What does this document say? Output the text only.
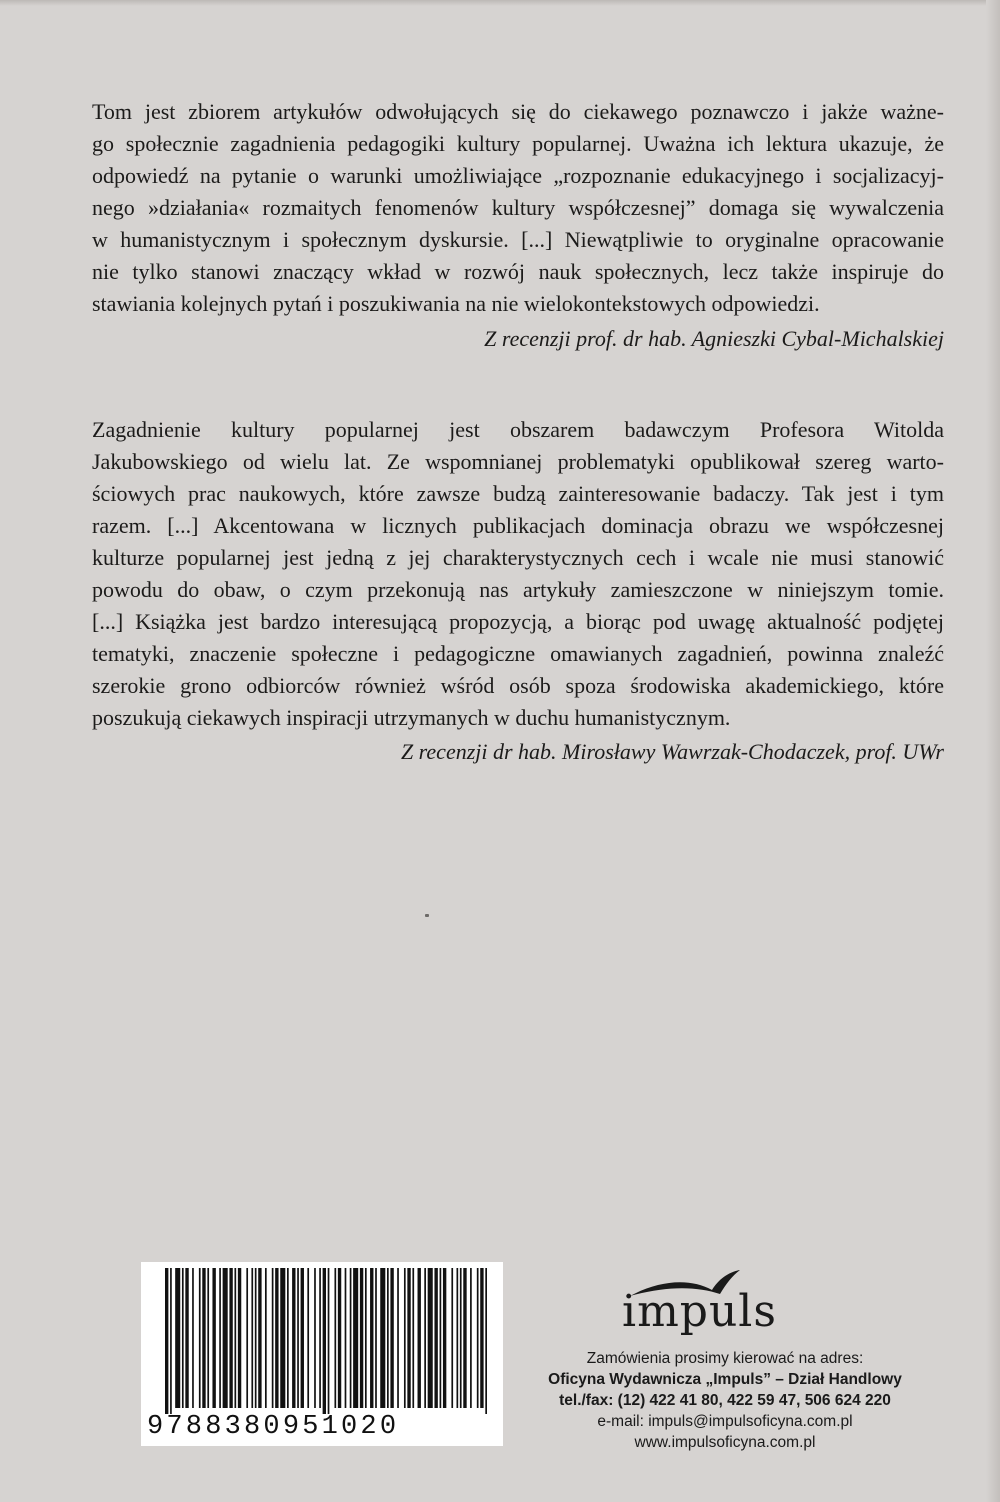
Tom jest zbiorem artykułów odwołujących się do ciekawego poznawczo i jakże ważne-
go społecznie zagadnienia pedagogiki kultury popularnej. Uważna ich lektura ukazuje, że
odpowiedź na pytanie o warunki umożliwiające „rozpoznanie edukacyjnego i socjalizacyj-
nego »działania« rozmaitych fenomenów kultury współczesnej” domaga się wywalczenia
w humanistycznym i społecznym dyskursie. [...] Niewątpliwie to oryginalne opracowanie
nie tylko stanowi znaczący wkład w rozwój nauk społecznych, lecz także inspiruje do
stawiania kolejnych pytań i poszukiwania na nie wielokontekstowych odpowiedzi.
Z recenzji prof. dr hab. Agnieszki Cybal-Michalskiej
Zagadnienie kultury popularnej jest obszarem badawczym Profesora Witolda
Jakubowskiego od wielu lat. Ze wspomnianej problematyki opublikował szereg warto-
ściowych prac naukowych, które zawsze budzą zainteresowanie badaczy. Tak jest i tym
razem. [...] Akcentowana w licznych publikacjach dominacja obrazu we współczesnej
kulturze popularnej jest jedną z jej charakterystycznych cech i wcale nie musi stanowić
powodu do obaw, o czym przekonują nas artykuły zamieszczone w niniejszym tomie.
[...] Książka jest bardzo interesującą propozycją, a biorąc pod uwagę aktualność podjętej
tematyki, znaczenie społeczne i pedagogiczne omawianych zagadnień, powinna znaleźć
szerokie grono odbiorców również wśród osób spoza środowiska akademickiego, które
poszukują ciekawych inspiracji utrzymanych w duchu humanistycznym.
Z recenzji dr hab. Mirosławy Wawrzak-Chodaczek, prof. UWr
9788380951020
impuls
Zamówienia prosimy kierować na adres:
Oficyna Wydawnicza „Impuls” – Dział Handlowy
tel./fax: (12) 422 41 80, 422 59 47, 506 624 220
e-mail: impuls@impulsoficyna.com.pl
www.impulsoficyna.com.pl
